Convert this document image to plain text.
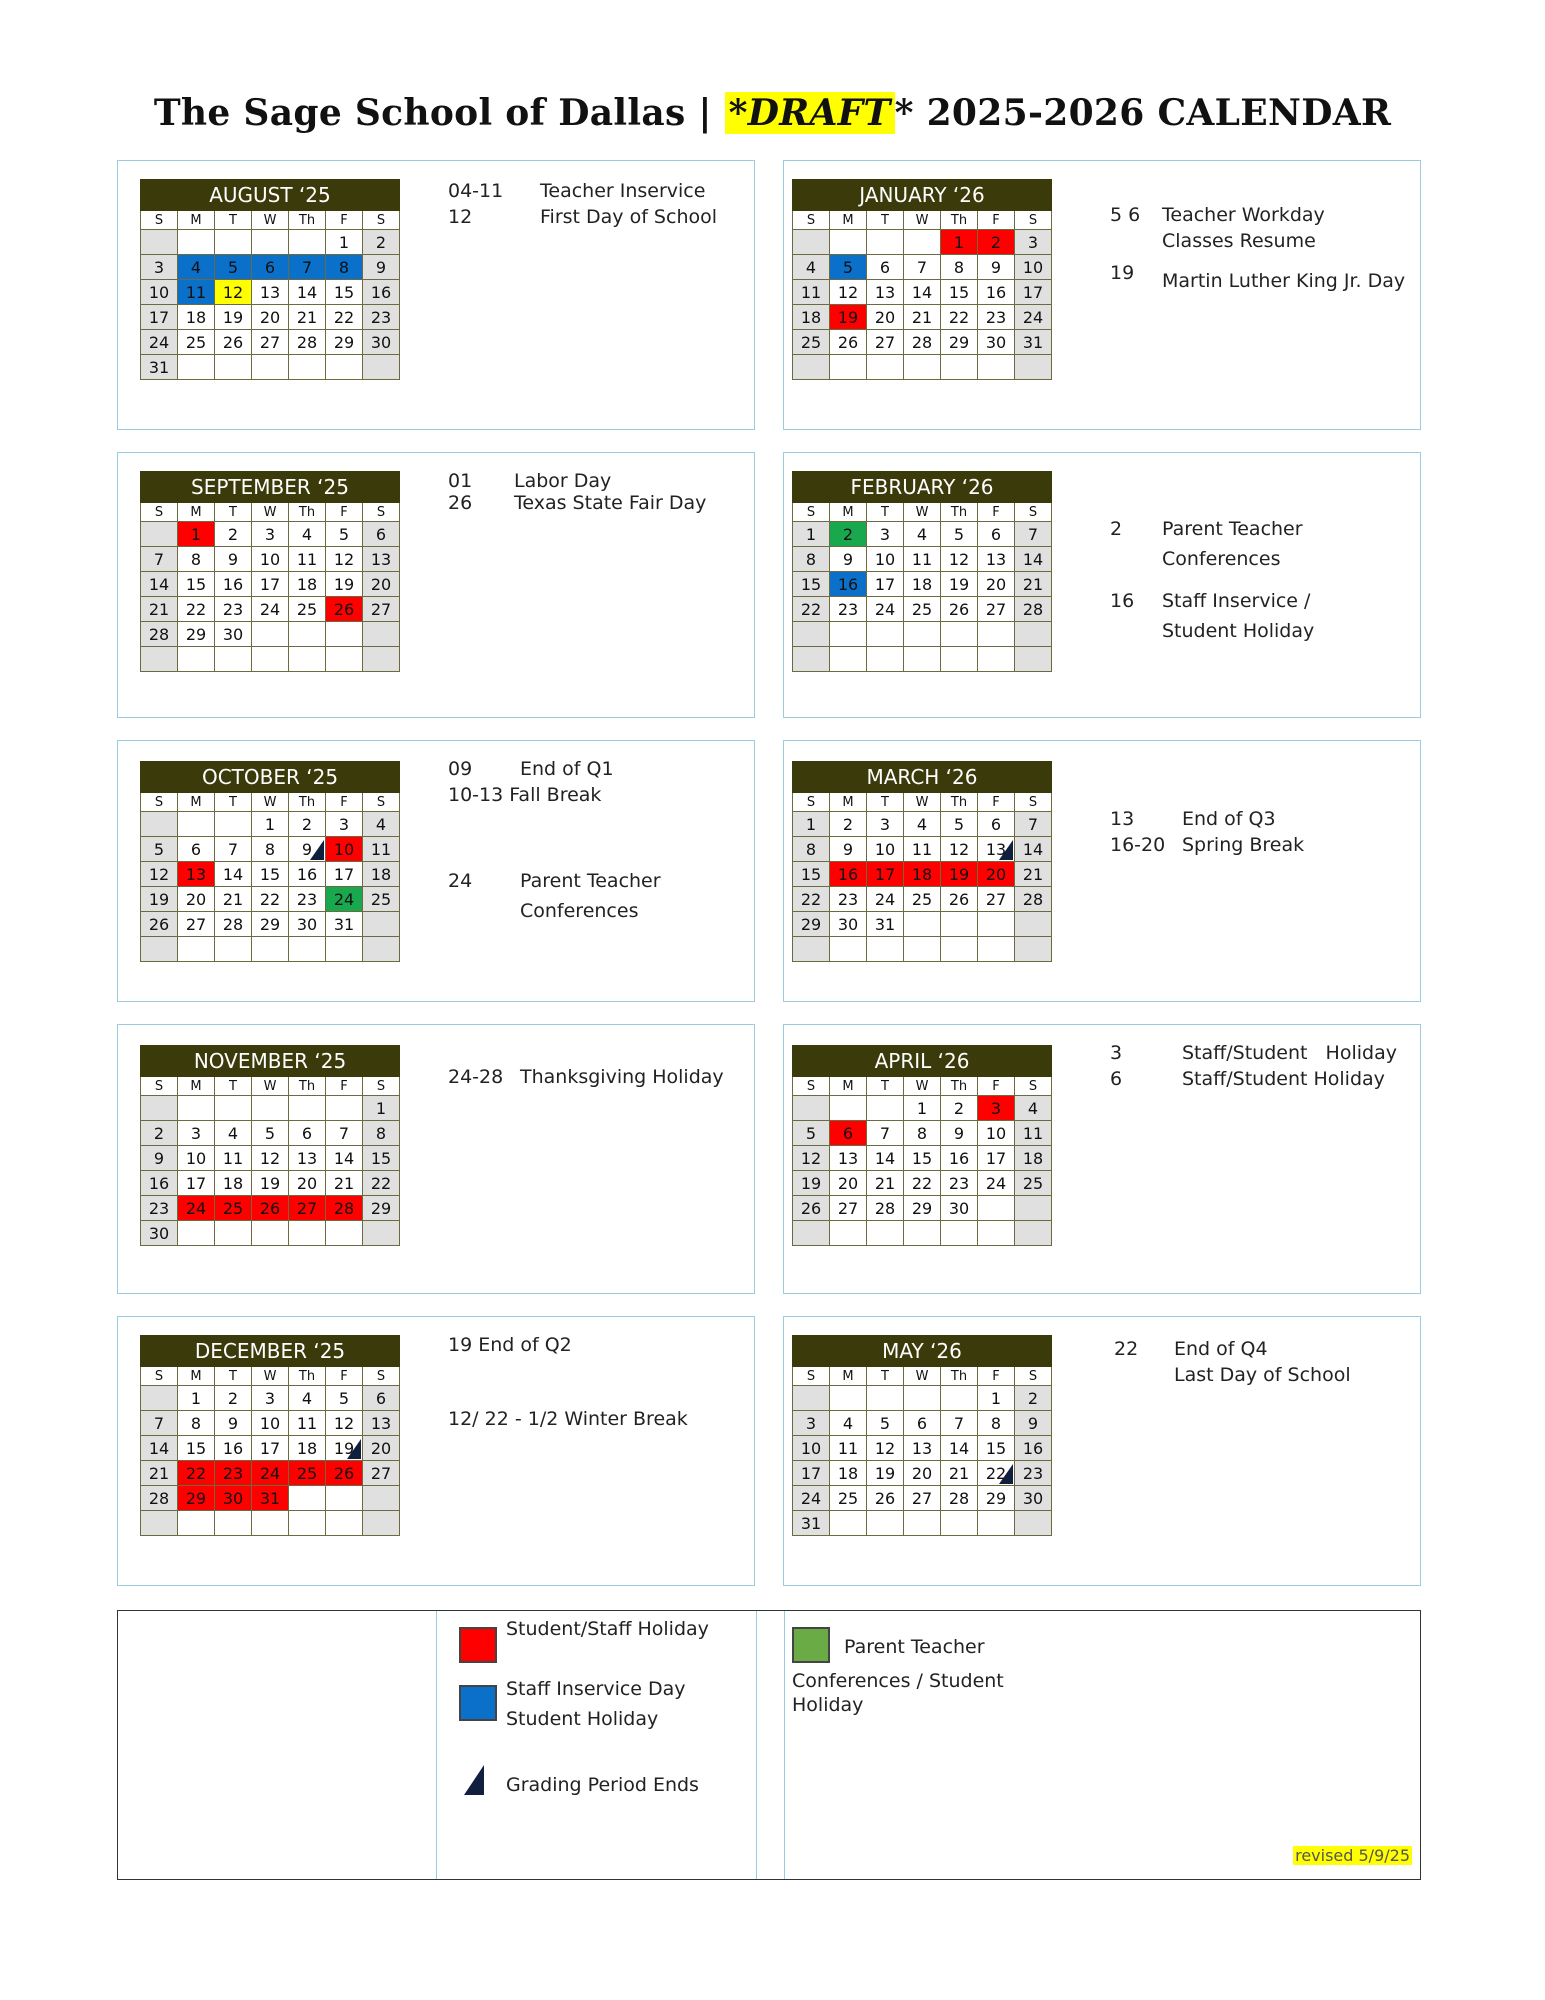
The Sage School of Dallas | *DRAFT * 2025-2026 CALENDAR
AUGUST ‘25						
S	M	T	W	Th	F	S
					1	2
3	4	5	6	7	8	9
10	11	12	13	14	15	16
17	18	19	20	21	22	23
24	25	26	27	28	29	30
31						
04-11 Teacher Inservice
12	First Day of School
JANUARY ‘26						
S	M	T	W	Th	F	S
				1	2	3
4	5	6	7	8	9	10
11	12	13	14	15	16	17
18	19	20	21	22	23	24
25	26	27	28	29	30	31

5 6 Teacher Workday
Classes Resume
19	Martin Luther King Jr. Day
SEPTEMBER ‘25						
S	M	T	W	Th	F	S
	1	2	3	4	5	6
7	8	9	10	11	12	13
14	15	16	17	18	19	20
21	22	23	24	25	26	27
28	29	30				

01 Labor Day
26 Texas State Fair Day
FEBRUARY ‘26						
S	M	T	W	Th	F	S
1	2	3	4	5	6	7
8	9	10	11	12	13	14
15	16	17	18	19	20	21
22	23	24	25	26	27	28

2 Parent Teacher
Conferences
16 Staff Inservice /
Student Holiday
OCTOBER ‘25						
S	M	T	W	Th	F	S
			1	2	3	4
5	6	7	8	9	10	11
12	13	14	15	16	17	18
19	20	21	22	23	24	25
26	27	28	29	30	31	

09	End of Q1
10-13 Fall Break
24	Parent Teacher
Conferences
MARCH ‘26						
S	M	T	W	Th	F	S
1	2	3	4	5	6	7
8	9	10	11	12	13	14
15	16	17	18	19	20	21
22	23	24	25	26	27	28
29	30	31				

13	End of Q3
16-20 Spring Break
NOVEMBER ‘25						
S	M	T	W	Th	F	S
						1
2	3	4	5	6	7	8
9	10	11	12	13	14	15
16	17	18	19	20	21	22
23	24	25	26	27	28	29
30						
24-28 Thanksgiving Holiday
APRIL ‘26						
S	M	T	W	Th	F	S
			1	2	3	4
5	6	7	8	9	10	11
12	13	14	15	16	17	18
19	20	21	22	23	24	25
26	27	28	29	30		

3	Staff/Student   Holiday
6	Staff/Student Holiday
DECEMBER ‘25						
S	M	T	W	Th	F	S
	1	2	3	4	5	6
7	8	9	10	11	12	13
14	15	16	17	18	19	20
21	22	23	24	25	26	27
28	29	30	31			

19 End of Q2
12/ 22 - 1/2 Winter Break
MAY ‘26						
S	M	T	W	Th	F	S
					1	2
3	4	5	6	7	8	9
10	11	12	13	14	15	16
17	18	19	20	21	22	23
24	25	26	27	28	29	30
31						
22 End of Q4
Last Day of School
Student/Staff Holiday
Staff Inservice Day
Student Holiday
Grading Period Ends
Parent Teacher
Conferences / Student
Holiday
revised 5/9/25
